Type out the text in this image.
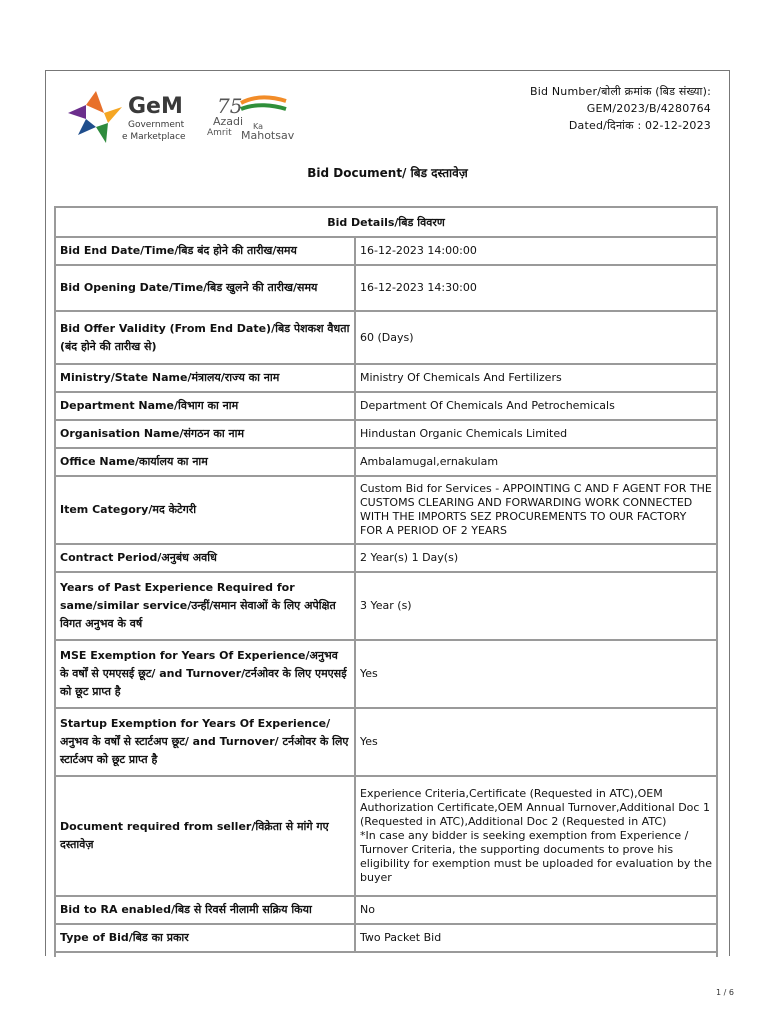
GeM
Government
e Marketplace
75
Azadi Ka
Amrit Mahotsav
Bid Number/बोली क्रमांक (बिड संख्या):
GEM/2023/B/4280764
Dated/दिनांक : 02-12-2023
Bid Document/ बिड दस्तावेज़
Bid Details/बिड विवरण	
Bid End Date/Time/बिड बंद होने की तारीख/समय	16-12-2023 14:00:00
Bid Opening Date/Time/बिड खुलने की तारीख/समय	16-12-2023 14:30:00
Bid Offer Validity (From End Date)/बिड पेशकश वैधता (बंद होने की तारीख से)	60 (Days)
Ministry/State Name/मंत्रालय/राज्य का नाम	Ministry Of Chemicals And Fertilizers
Department Name/विभाग का नाम	Department Of Chemicals And Petrochemicals
Organisation Name/संगठन का नाम	Hindustan Organic Chemicals Limited
Office Name/कार्यालय का नाम	Ambalamugal,ernakulam
Item Category/मद केटेगरी	Custom Bid for Services - APPOINTING C AND F AGENT FOR THE CUSTOMS CLEARING AND FORWARDING WORK CONNECTED WITH THE IMPORTS SEZ PROCUREMENTS TO OUR FACTORY FOR A PERIOD OF 2 YEARS
Contract Period/अनुबंध अवधि	2 Year(s) 1 Day(s)
Years of Past Experience Required for same/similar service/उन्हीं/समान सेवाओं के लिए अपेक्षित विगत अनुभव के वर्ष	3 Year (s)
MSE Exemption for Years Of Experience/अनुभव के वर्षों से एमएसई छूट/ and Turnover/टर्नओवर के लिए एमएसई को छूट प्राप्त है	Yes
Startup Exemption for Years Of Experience/अनुभव के वर्षों से स्टार्टअप छूट/ and Turnover/ टर्नओवर के लिए स्टार्टअप को छूट प्राप्त है	Yes
Document required from seller/विक्रेता से मांगे गए दस्तावेज़	Experience Criteria,Certificate (Requested in ATC),OEM Authorization Certificate,OEM Annual Turnover,Additional Doc 1 (Requested in ATC),Additional Doc 2 (Requested in ATC)
*In case any bidder is seeking exemption from Experience / Turnover Criteria, the supporting documents to prove his eligibility for exemption must be uploaded for evaluation by the buyer
Bid to RA enabled/बिड से रिवर्स नीलामी सक्रिय किया	No
Type of Bid/बिड का प्रकार	Two Packet Bid
1 / 6
